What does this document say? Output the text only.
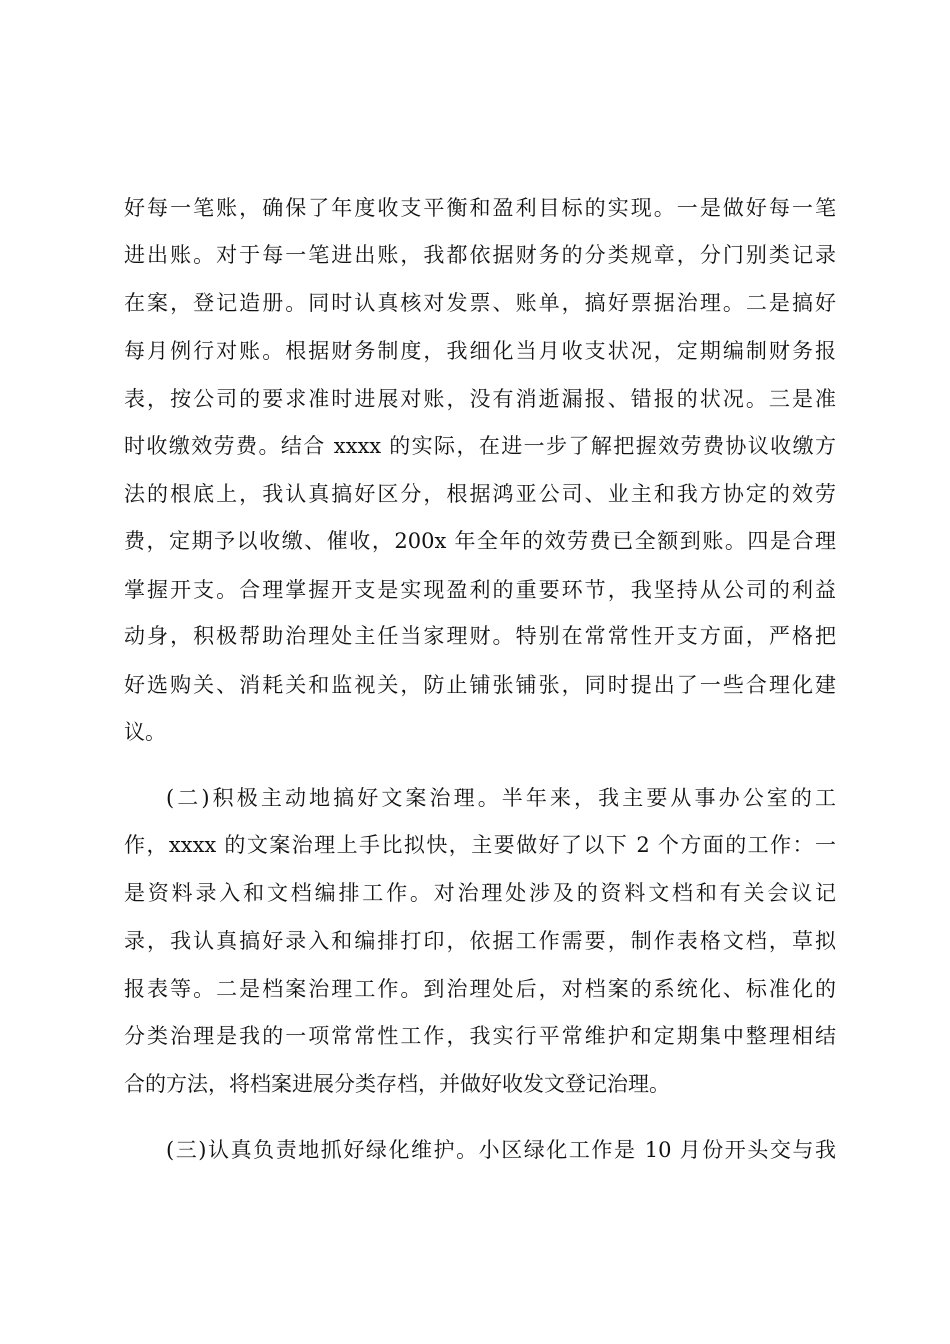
好每一笔账，确保了年度收支平衡和盈利目标的实现。一是做好每一笔
进出账。对于每一笔进出账，我都依据财务的分类规章，分门别类记录
在案，登记造册。同时认真核对发票、账单，搞好票据治理。二是搞好
每月例行对账。根据财务制度，我细化当月收支状况，定期编制财务报
表，按公司的要求准时进展对账，没有消逝漏报、错报的状况。三是准
时收缴效劳费。结合 xxxx 的实际，在进一步了解把握效劳费协议收缴方
法的根底上，我认真搞好区分，根据鸿亚公司、业主和我方协定的效劳
费，定期予以收缴、催收，200x 年全年的效劳费已全额到账。四是合理
掌握开支。合理掌握开支是实现盈利的重要环节，我坚持从公司的利益
动身，积极帮助治理处主任当家理财。特别在常常性开支方面，严格把
好选购关、消耗关和监视关，防止铺张铺张，同时提出了一些合理化建
议。
(二)积极主动地搞好文案治理。半年来，我主要从事办公室的工
作，xxxx 的文案治理上手比拟快，主要做好了以下 2 个方面的工作：一
是资料录入和文档编排工作。对治理处涉及的资料文档和有关会议记
录，我认真搞好录入和编排打印，依据工作需要，制作表格文档，草拟
报表等。二是档案治理工作。到治理处后，对档案的系统化、标准化的
分类治理是我的一项常常性工作，我实行平常维护和定期集中整理相结
合的方法，将档案进展分类存档，并做好收发文登记治理。
(三)认真负责地抓好绿化维护。小区绿化工作是 10 月份开头交与我
